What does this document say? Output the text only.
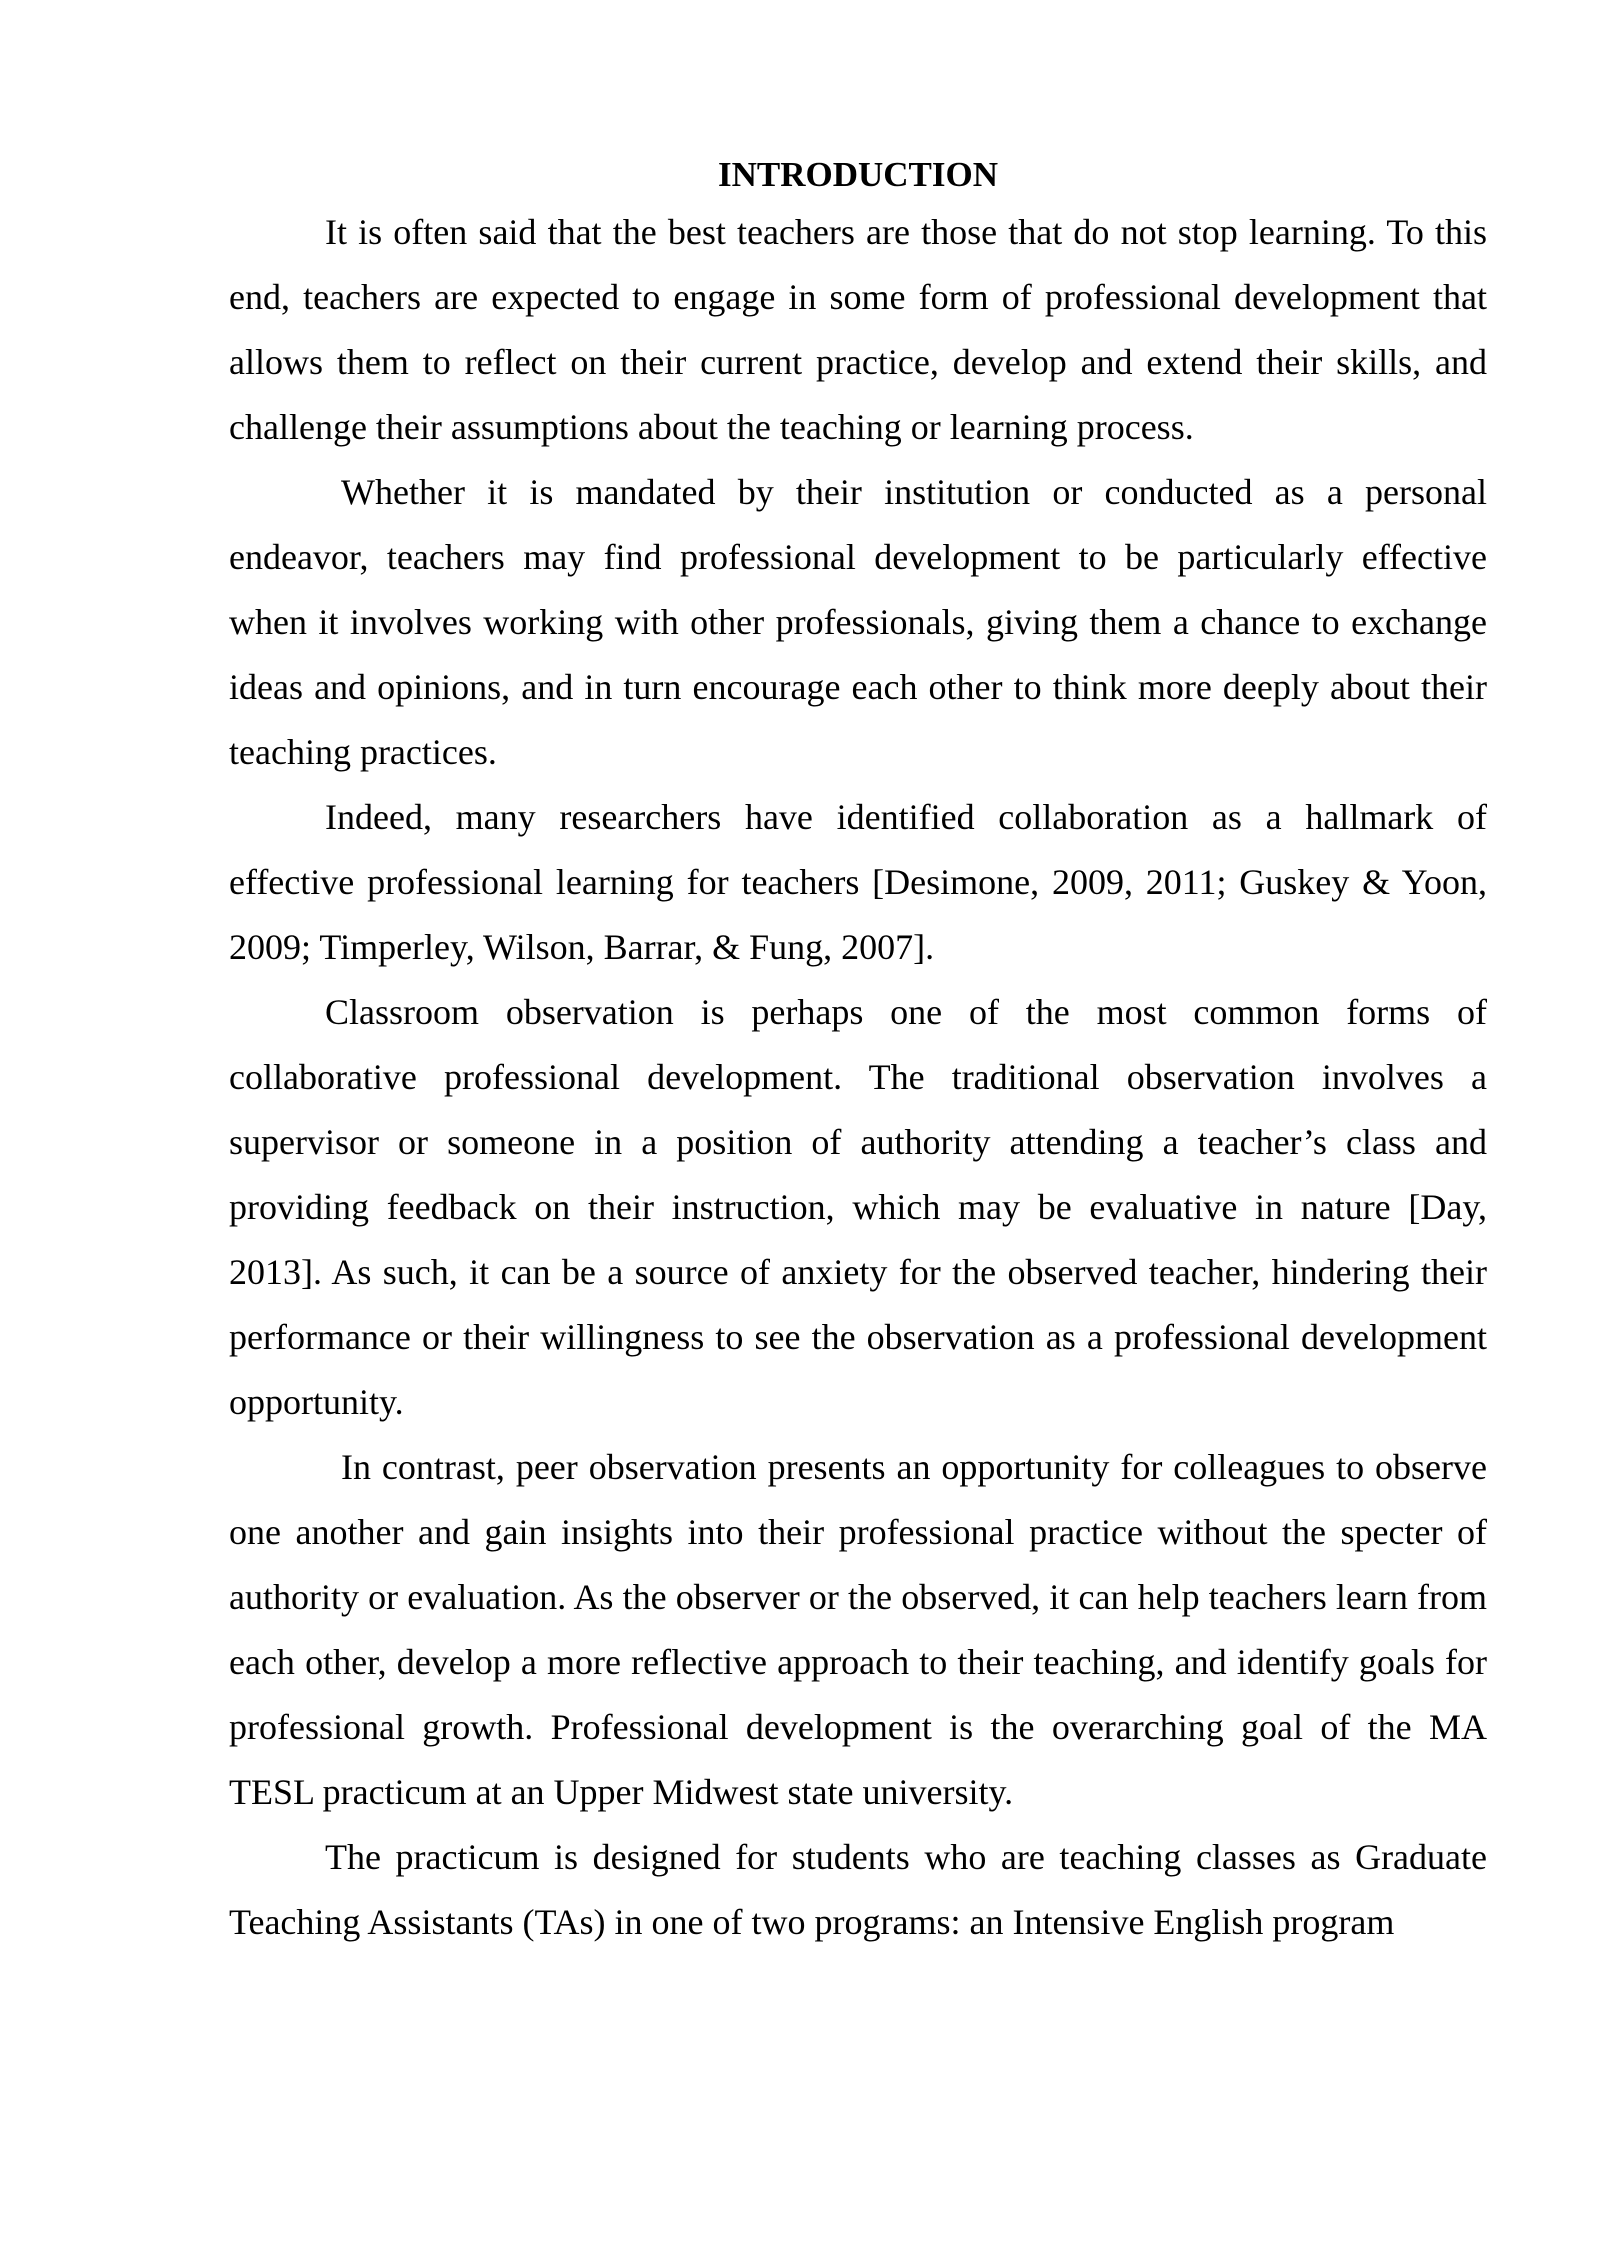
INTRODUCTION

It is often said that the best teachers are those that do not stop learning. To this end, teachers are expected to engage in some form of professional development that allows them to reflect on their current practice, develop and extend their skills, and challenge their assumptions about the teaching or learning process.

Whether it is mandated by their institution or conducted as a personal endeavor, teachers may find professional development to be particularly effective when it involves working with other professionals, giving them a chance to exchange ideas and opinions, and in turn encourage each other to think more deeply about their teaching practices.

Indeed, many researchers have identified collaboration as a hallmark of effective professional learning for teachers [Desimone, 2009, 2011; Guskey & Yoon, 2009; Timperley, Wilson, Barrar, & Fung, 2007].

Classroom observation is perhaps one of the most common forms of collaborative professional development. The traditional observation involves a supervisor or someone in a position of authority attending a teacher’s class and providing feedback on their instruction, which may be evaluative in nature [Day, 2013]. As such, it can be a source of anxiety for the observed teacher, hindering their performance or their willingness to see the observation as a professional development opportunity.

In contrast, peer observation presents an opportunity for colleagues to observe one another and gain insights into their professional practice without the specter of authority or evaluation. As the observer or the observed, it can help teachers learn from each other, develop a more reflective approach to their teaching, and identify goals for professional growth. Professional development is the overarching goal of the MA TESL practicum at an Upper Midwest state university.

The practicum is designed for students who are teaching classes as Graduate Teaching Assistants (TAs) in one of two programs: an Intensive English program
